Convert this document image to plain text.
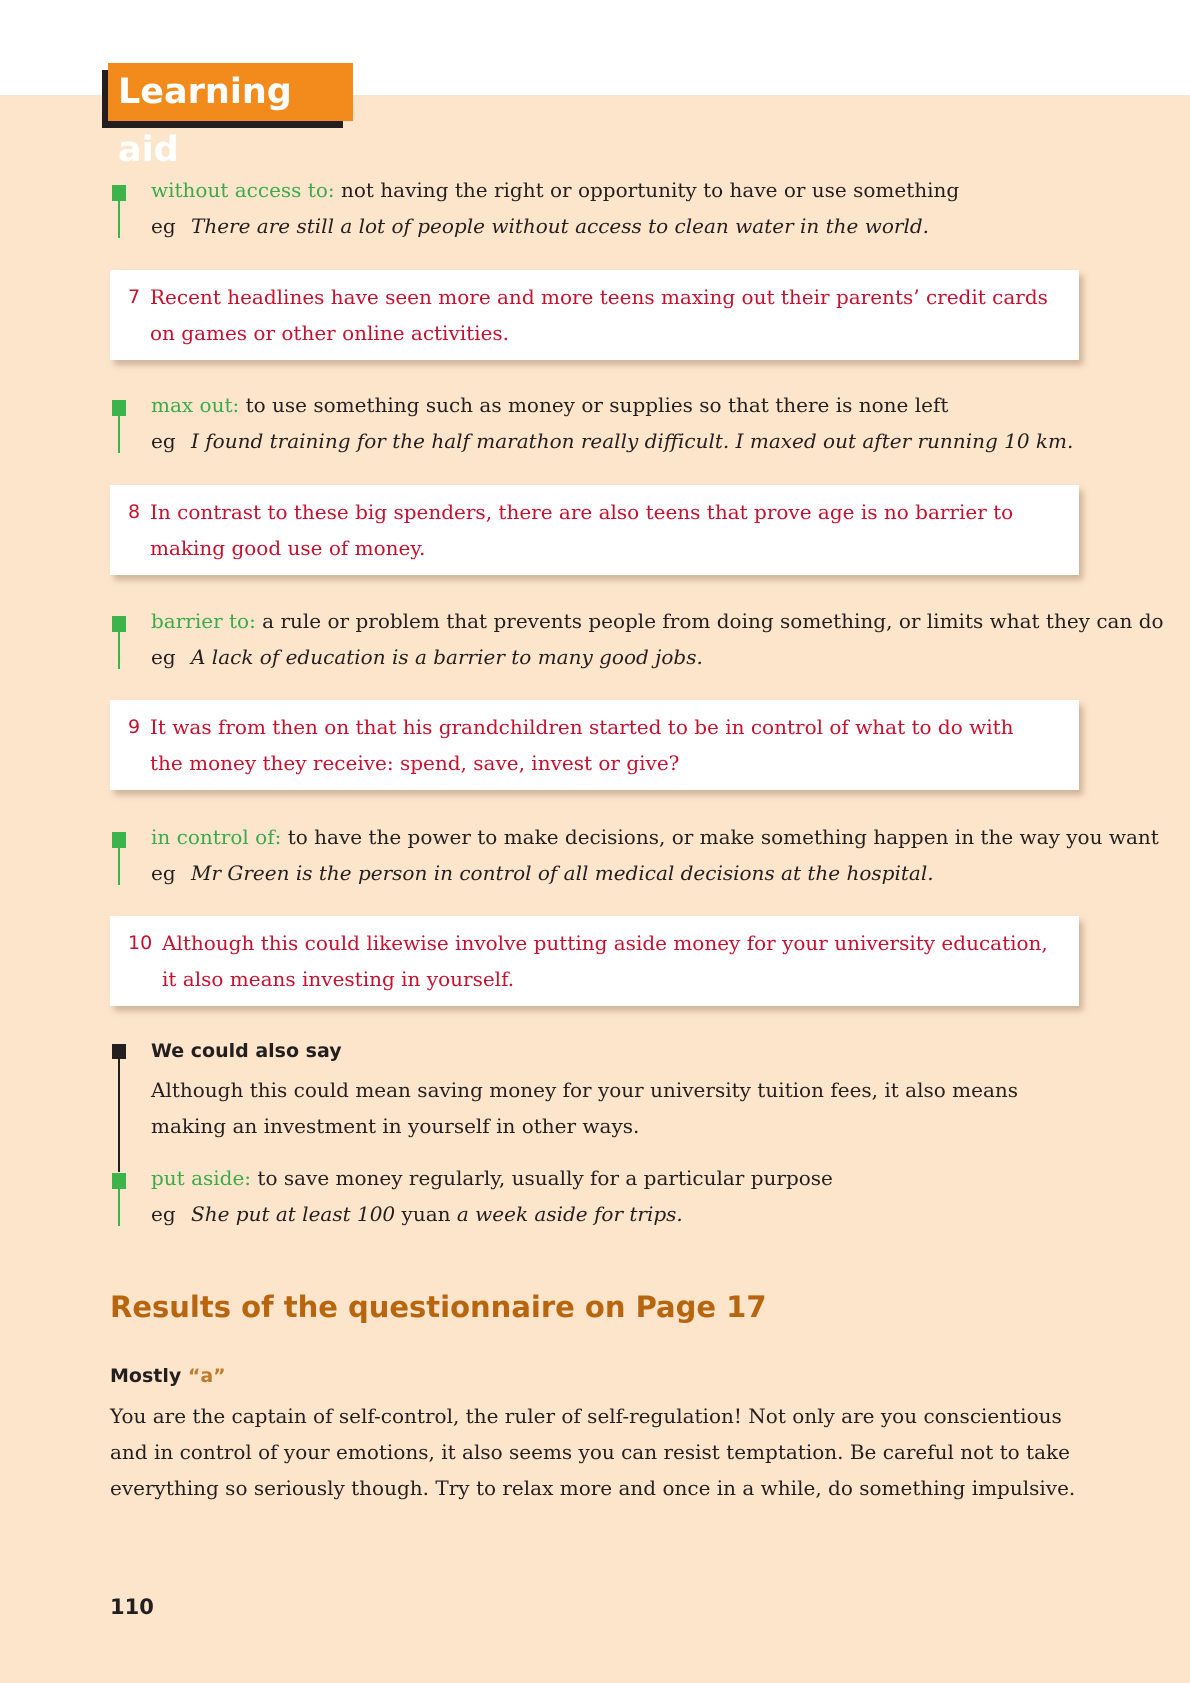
Learning aid
without access to: not having the right or opportunity to have or use something
eg There are still a lot of people without access to clean water in the world.
7 Recent headlines have seen more and more teens maxing out their parents’ credit cards on games or other online activities.
max out: to use something such as money or supplies so that there is none left
eg I found training for the half marathon really difficult. I maxed out after running 10 km.
8 In contrast to these big spenders, there are also teens that prove age is no barrier to making good use of money.
barrier to: a rule or problem that prevents people from doing something, or limits what they can do
eg A lack of education is a barrier to many good jobs.
9 It was from then on that his grandchildren started to be in control of what to do with the money they receive: spend, save, invest or give?
in control of: to have the power to make decisions, or make something happen in the way you want
eg Mr Green is the person in control of all medical decisions at the hospital.
10 Although this could likewise involve putting aside money for your university education, it also means investing in yourself.
We could also say
Although this could mean saving money for your university tuition fees, it also means making an investment in yourself in other ways.
put aside: to save money regularly, usually for a particular purpose
eg She put at least 100 yuan a week aside for trips.
Results of the questionnaire on Page 17
Mostly “a”
You are the captain of self-control, the ruler of self-regulation! Not only are you conscientious and in control of your emotions, it also seems you can resist temptation. Be careful not to take everything so seriously though. Try to relax more and once in a while, do something impulsive.
110
